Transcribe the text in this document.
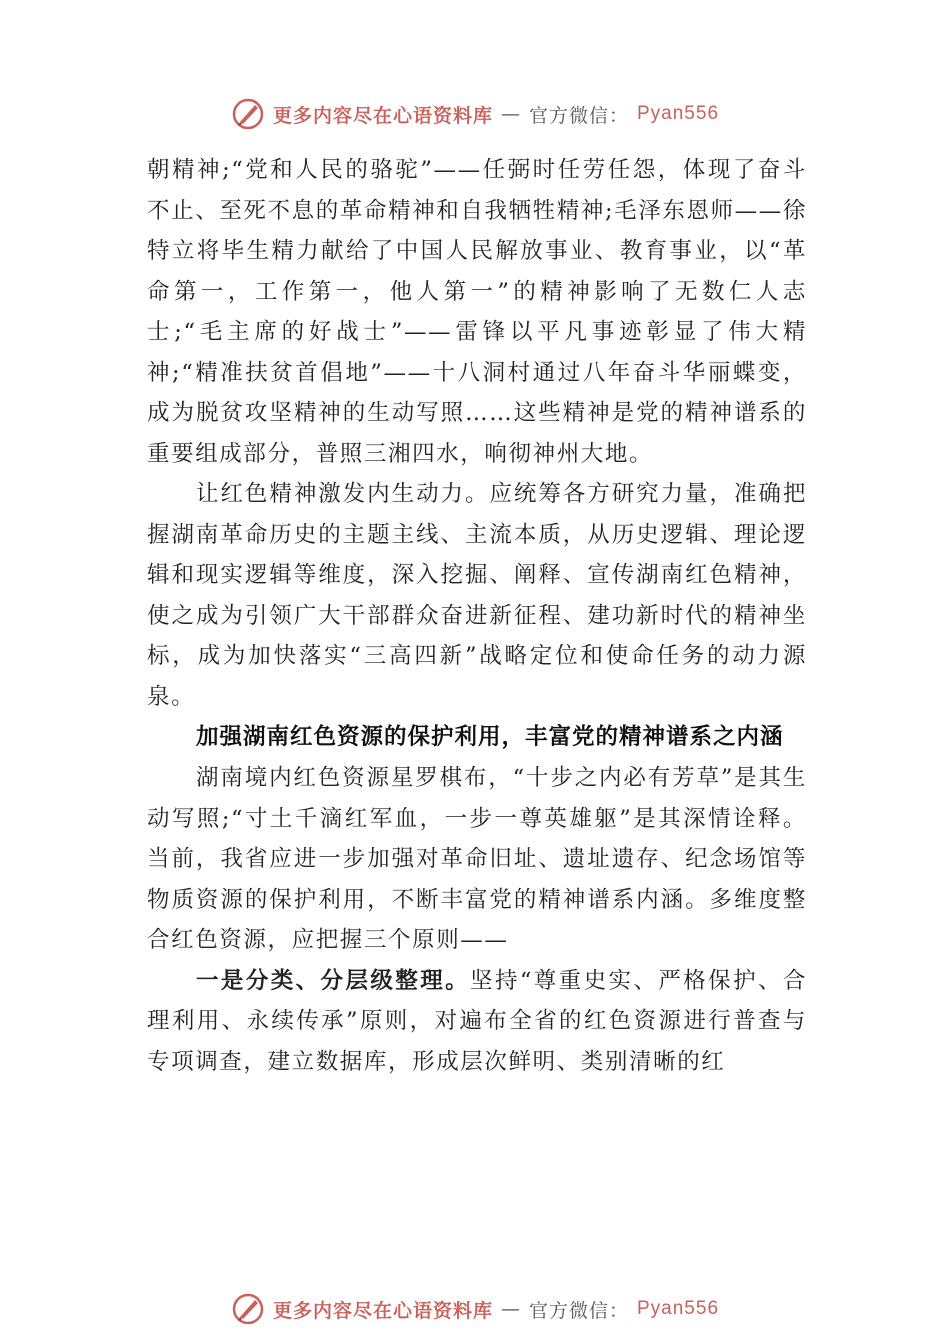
更多内容尽在心语资料库 — 官方微信： Pyan556

朝精神;“党和人民的骆驼”——任弼时任劳任怨，体现了奋斗不止、至死不息的革命精神和自我牺牲精神;毛泽东恩师——徐特立将毕生精力献给了中国人民解放事业、教育事业，以“革命第一，工作第一，他人第一”的精神影响了无数仁人志士;“毛主席的好战士”——雷锋以平凡事迹彰显了伟大精神;“精准扶贫首倡地”——十八洞村通过八年奋斗华丽蝶变，成为脱贫攻坚精神的生动写照……这些精神是党的精神谱系的重要组成部分，普照三湘四水，响彻神州大地。

让红色精神激发内生动力。应统筹各方研究力量，准确把握湖南革命历史的主题主线、主流本质，从历史逻辑、理论逻辑和现实逻辑等维度，深入挖掘、阐释、宣传湖南红色精神，使之成为引领广大干部群众奋进新征程、建功新时代的精神坐标，成为加快落实“三高四新”战略定位和使命任务的动力源泉。

加强湖南红色资源的保护利用，丰富党的精神谱系之内涵

湖南境内红色资源星罗棋布，“十步之内必有芳草”是其生动写照;“寸土千滴红军血，一步一尊英雄躯”是其深情诠释。当前，我省应进一步加强对革命旧址、遗址遗存、纪念场馆等物质资源的保护利用，不断丰富党的精神谱系内涵。多维度整合红色资源，应把握三个原则——

一是分类、分层级整理。坚持“尊重史实、严格保护、合理利用、永续传承”原则，对遍布全省的红色资源进行普查与专项调查，建立数据库，形成层次鲜明、类别清晰的红

更多内容尽在心语资料库 — 官方微信： Pyan556
